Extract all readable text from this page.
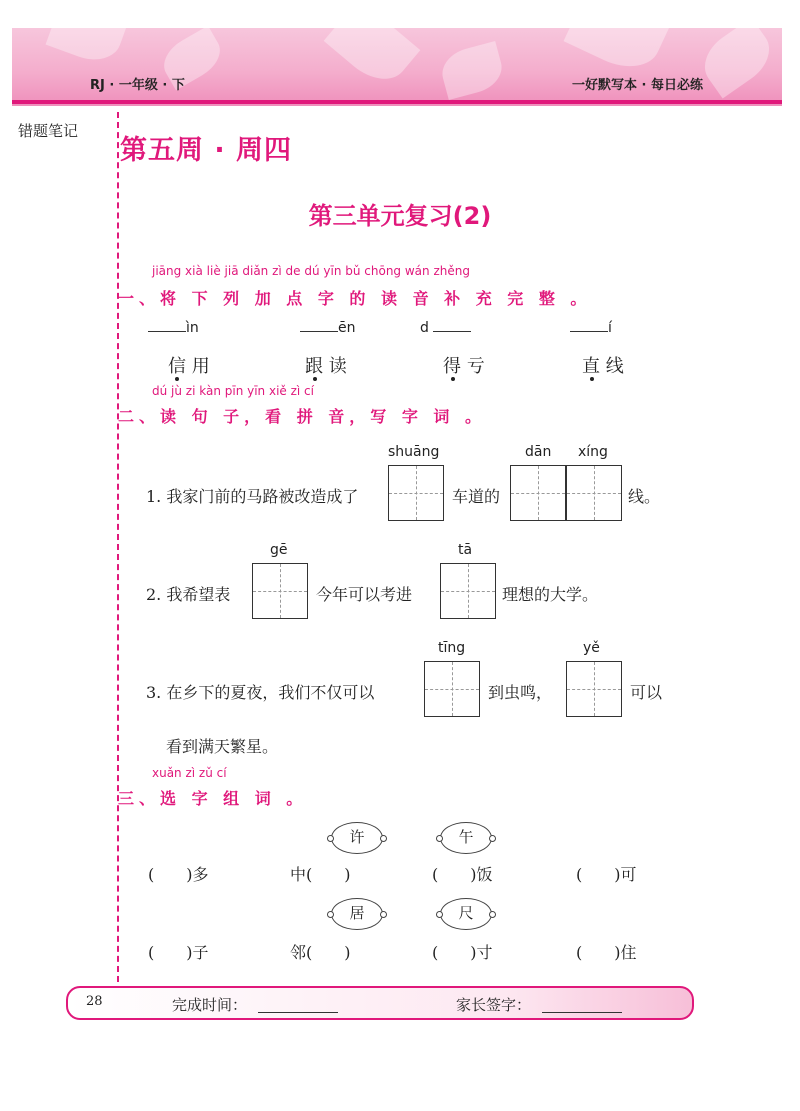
RJ · 一年级 · 下	一好默写本 · 每日必练
错题笔记
第五周 · 周四
第三单元复习(2)
jiāng xià liè jiā diǎn zì de dú yīn bǔ chōng wán zhěng
一、将 下 列 加 点 字 的 读 音 补 充 完 整 。
ìn	ēn	d	í
信 用	跟 读	得 亏	直 线
dú jù zi kàn pīn yīn xiě zì cí
二、读 句 子，看 拼 音，写 字 词 。
shuāng	dān xíng
1. 我家门前的马路被改造成了	车道的	线。
gē	tā
2. 我希望表	今年可以考进	理想的大学。
tīng	yě
3. 在乡下的夏夜，我们不仅可以	到虫鸣，	可以
看到满天繁星。
xuǎn zì zǔ cí
三、选 字 组 词 。
许	午
(　　)多	中(　　)	(　　)饭	(　　)可
居	尺
(　　)子	邻(　　)	(　　)寸	(　　)住
28	完成时间：	家长签字：
